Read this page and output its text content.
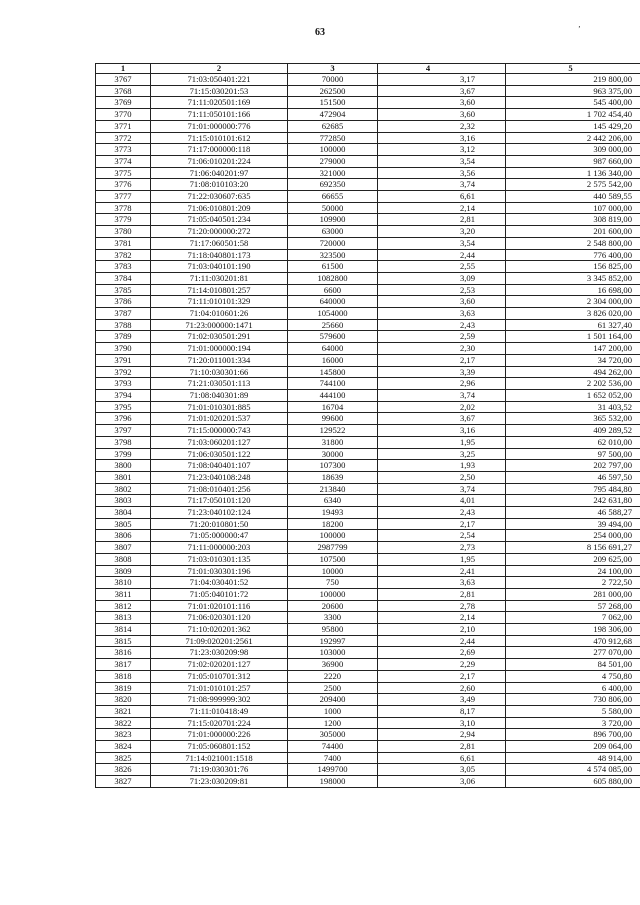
63
‚
1	2	3	4	5
3767	71:03:050401:221	70000	3,17	219 800,00
3768	71:15:030201:53	262500	3,67	963 375,00
3769	71:11:020501:169	151500	3,60	545 400,00
3770	71:11:050101:166	472904	3,60	1 702 454,40
3771	71:01:000000:776	62685	2,32	145 429,20
3772	71:15:010101:612	772850	3,16	2 442 206,00
3773	71:17:000000:118	100000	3,12	309 000,00
3774	71:06:010201:224	279000	3,54	987 660,00
3775	71:06:040201:97	321000	3,56	1 136 340,00
3776	71:08:010103:20	692350	3,74	2 575 542,00
3777	71:22:030607:635	66655	6,61	440 589,55
3778	71:06:010801:209	50000	2,14	107 000,00
3779	71:05:040501:234	109900	2,81	308 819,00
3780	71:20:000000:272	63000	3,20	201 600,00
3781	71:17:060501:58	720000	3,54	2 548 800,00
3782	71:18:040801:173	323500	2,44	776 400,00
3783	71:03:040101:190	61500	2,55	156 825,00
3784	71:11:030201:81	1082800	3,09	3 345 852,00
3785	71:14:010801:257	6600	2,53	16 698,00
3786	71:11:010101:329	640000	3,60	2 304 000,00
3787	71:04:010601:26	1054000	3,63	3 826 020,00
3788	71:23:000000:1471	25660	2,43	61 327,40
3789	71:02:030501:291	579600	2,59	1 501 164,00
3790	71:01:000000:194	64000	2,30	147 200,00
3791	71:20:011001:334	16000	2,17	34 720,00
3792	71:10:030301:66	145800	3,39	494 262,00
3793	71:21:030501:113	744100	2,96	2 202 536,00
3794	71:08:040301:89	444100	3,74	1 652 052,00
3795	71:01:010301:885	16704	2,02	31 403,52
3796	71:01:020201:537	99600	3,67	365 532,00
3797	71:15:000000:743	129522	3,16	409 289,52
3798	71:03:060201:127	31800	1,95	62 010,00
3799	71:06:030501:122	30000	3,25	97 500,00
3800	71:08:040401:107	107300	1,93	202 797,00
3801	71:23:040108:248	18639	2,50	46 597,50
3802	71:08:010401:256	213840	3,74	795 484,80
3803	71:17:050101:120	6340	4,01	242 631,80
3804	71:23:040102:124	19493	2,43	46 588,27
3805	71:20:010801:50	18200	2,17	39 494,00
3806	71:05:000000:47	100000	2,54	254 000,00
3807	71:11:000000:203	2987799	2,73	8 156 691,27
3808	71:03:010301:135	107500	1,95	209 625,00
3809	71:01:030301:196	10000	2,41	24 100,00
3810	71:04:030401:52	750	3,63	2 722,50
3811	71:05:040101:72	100000	2,81	281 000,00
3812	71:01:020101:116	20600	2,78	57 268,00
3813	71:06:020301:120	3300	2,14	7 062,00
3814	71:10:020201:362	95800	2,10	198 306,00
3815	71:09:020201:2561	192997	2,44	470 912,68
3816	71:23:030209:98	103000	2,69	277 070,00
3817	71:02:020201:127	36900	2,29	84 501,00
3818	71:05:010701:312	2220	2,17	4 750,80
3819	71:01:010101:257	2500	2,60	6 400,00
3820	71:08:999999:302	209400	3,49	730 806,00
3821	71:11:010418:49	1000	8,17	5 580,00
3822	71:15:020701:224	1200	3,10	3 720,00
3823	71:01:000000:226	305000	2,94	896 700,00
3824	71:05:060801:152	74400	2,81	209 064,00
3825	71:14:021001:1518	7400	6,61	48 914,00
3826	71:19:030301:76	1499700	3,05	4 574 085,00
3827	71:23:030209:81	198000	3,06	605 880,00
